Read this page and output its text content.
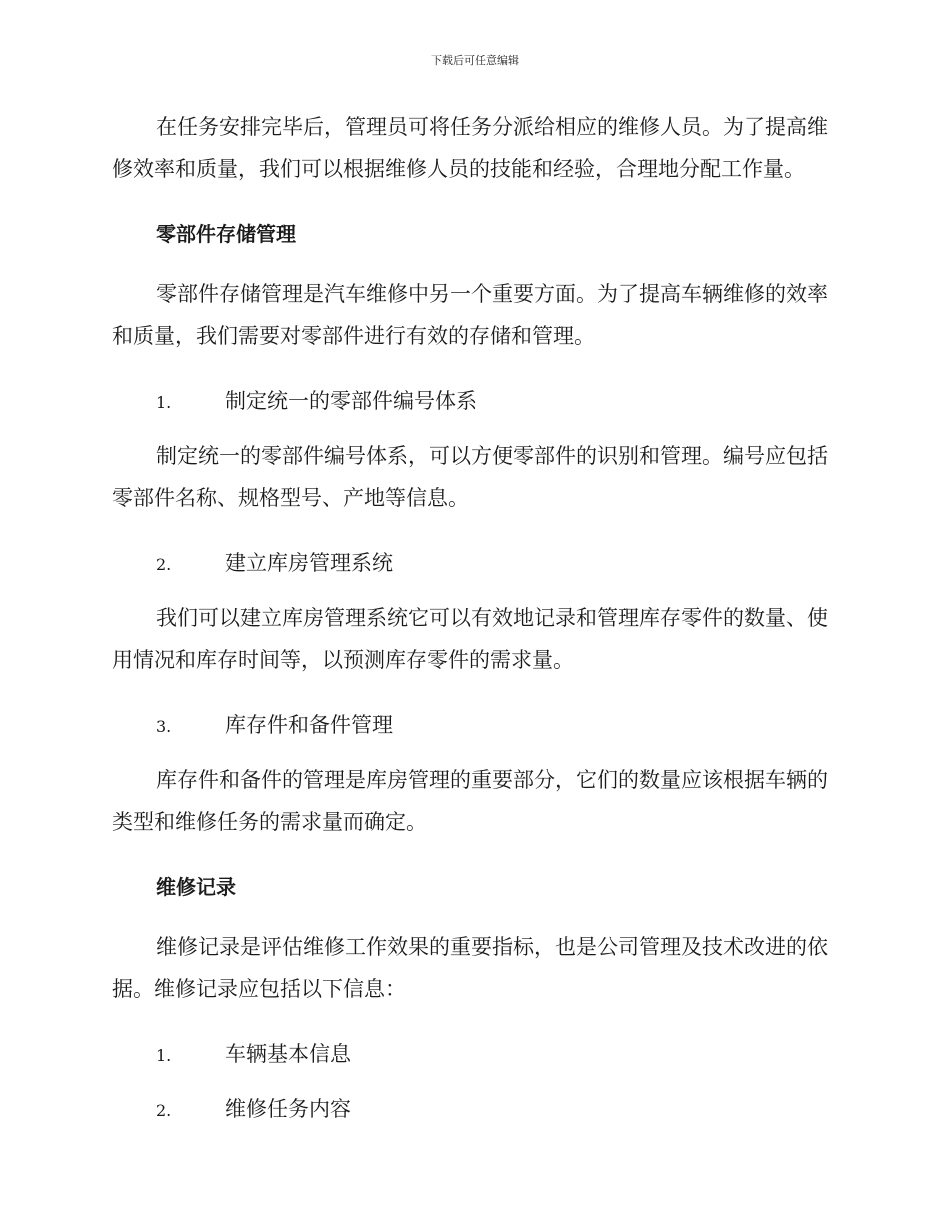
下载后可任意编辑

在任务安排完毕后，管理员可将任务分派给相应的维修人员。为了提高维修效率和质量，我们可以根据维修人员的技能和经验，合理地分配工作量。

零部件存储管理

零部件存储管理是汽车维修中另一个重要方面。为了提高车辆维修的效率和质量，我们需要对零部件进行有效的存储和管理。

1.	制定统一的零部件编号体系

制定统一的零部件编号体系，可以方便零部件的识别和管理。编号应包括零部件名称、规格型号、产地等信息。

2.	建立库房管理系统

我们可以建立库房管理系统它可以有效地记录和管理库存零件的数量、使用情况和库存时间等，以预测库存零件的需求量。

3.	库存件和备件管理

库存件和备件的管理是库房管理的重要部分，它们的数量应该根据车辆的类型和维修任务的需求量而确定。

维修记录

维修记录是评估维修工作效果的重要指标，也是公司管理及技术改进的依据。维修记录应包括以下信息：

1.	车辆基本信息
2.	维修任务内容
